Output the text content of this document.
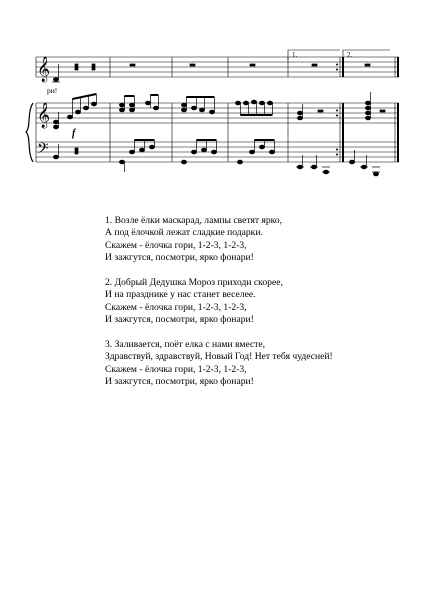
𝄞
𝄞
𝄢
1.	2.
ри!
f

1. Возле ёлки маскарад, лампы светят ярко,

А под ёлочкой лежат сладкие подарки.

Скажем - ёлочка гори, 1-2-3, 1-2-3,

И зажгутся, посмотри, ярко фонари!

2. Добрый Дедушка Мороз приходи скорее,

И на празднике у нас станет веселее.

Скажем - ёлочка гори, 1-2-3, 1-2-3,

И зажгутся, посмотри, ярко фонари!

3. Заливается, поёт елка с нами вместе,

Здравствуй, здравствуй, Новый Год! Нет тебя чудесней!

Скажем - ёлочка гори, 1-2-3, 1-2-3,

И зажгутся, посмотри, ярко фонари!
